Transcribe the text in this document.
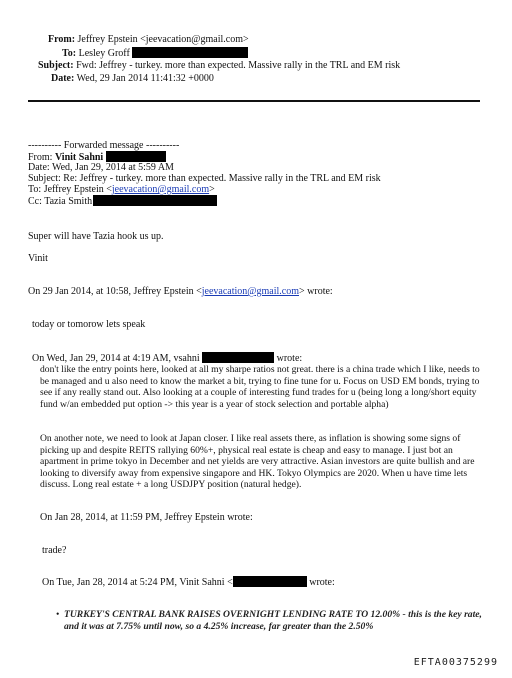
From: Jeffrey Epstein <jeevacation@gmail.com>
To: Lesley Groff
Subject: Fwd: Jeffrey - turkey. more than expected. Massive rally in the TRL and EM risk
Date: Wed, 29 Jan 2014 11:41:32 +0000
---------- Forwarded message ----------
From: Vinit Sahni
Date: Wed, Jan 29, 2014 at 5:59 AM
Subject: Re: Jeffrey - turkey. more than expected. Massive rally in the TRL and EM risk
To: Jeffrey Epstein <jeevacation@gmail.com>
Cc: Tazia Smith
Super will have Tazia hook us up.
Vinit
On 29 Jan 2014, at 10:58, Jeffrey Epstein <jeevacation@gmail.com> wrote:
today or tomorow lets speak
On Wed, Jan 29, 2014 at 4:19 AM, vsahni	wrote:
don't like the entry points here, looked at all my sharpe ratios not great. there is a china trade which I like, needs to be managed and u also need to know the market a bit, trying to fine tune for u. Focus on USD EM bonds, trying to see if any really stand out. Also looking at a couple of interesting fund trades for u (being long a long/short equity fund w/an embedded put option -> this year is a year of stock selection and portable alpha)
On another note, we need to look at Japan closer. I like real assets there, as inflation is showing some signs of picking up and despite REITS rallying 60%+, physical real estate is cheap and easy to manage. I just bot an apartment in prime tokyo in December and net yields are very attractive. Asian investors are quite bullish and are looking to diversify away from expensive singapore and HK. Tokyo Olympics are 2020. When u have time lets discuss. Long real estate + a long USDJPY position (natural hedge).
On Jan 28, 2014, at 11:59 PM, Jeffrey Epstein wrote:
trade?
On Tue, Jan 28, 2014 at 5:24 PM, Vinit Sahni <	wrote:
• TURKEY'S CENTRAL BANK RAISES OVERNIGHT LENDING RATE TO 12.00% - this is the key rate, and it was at 7.75% until now, so a 4.25% increase, far greater than the 2.50%
EFTA00375299
